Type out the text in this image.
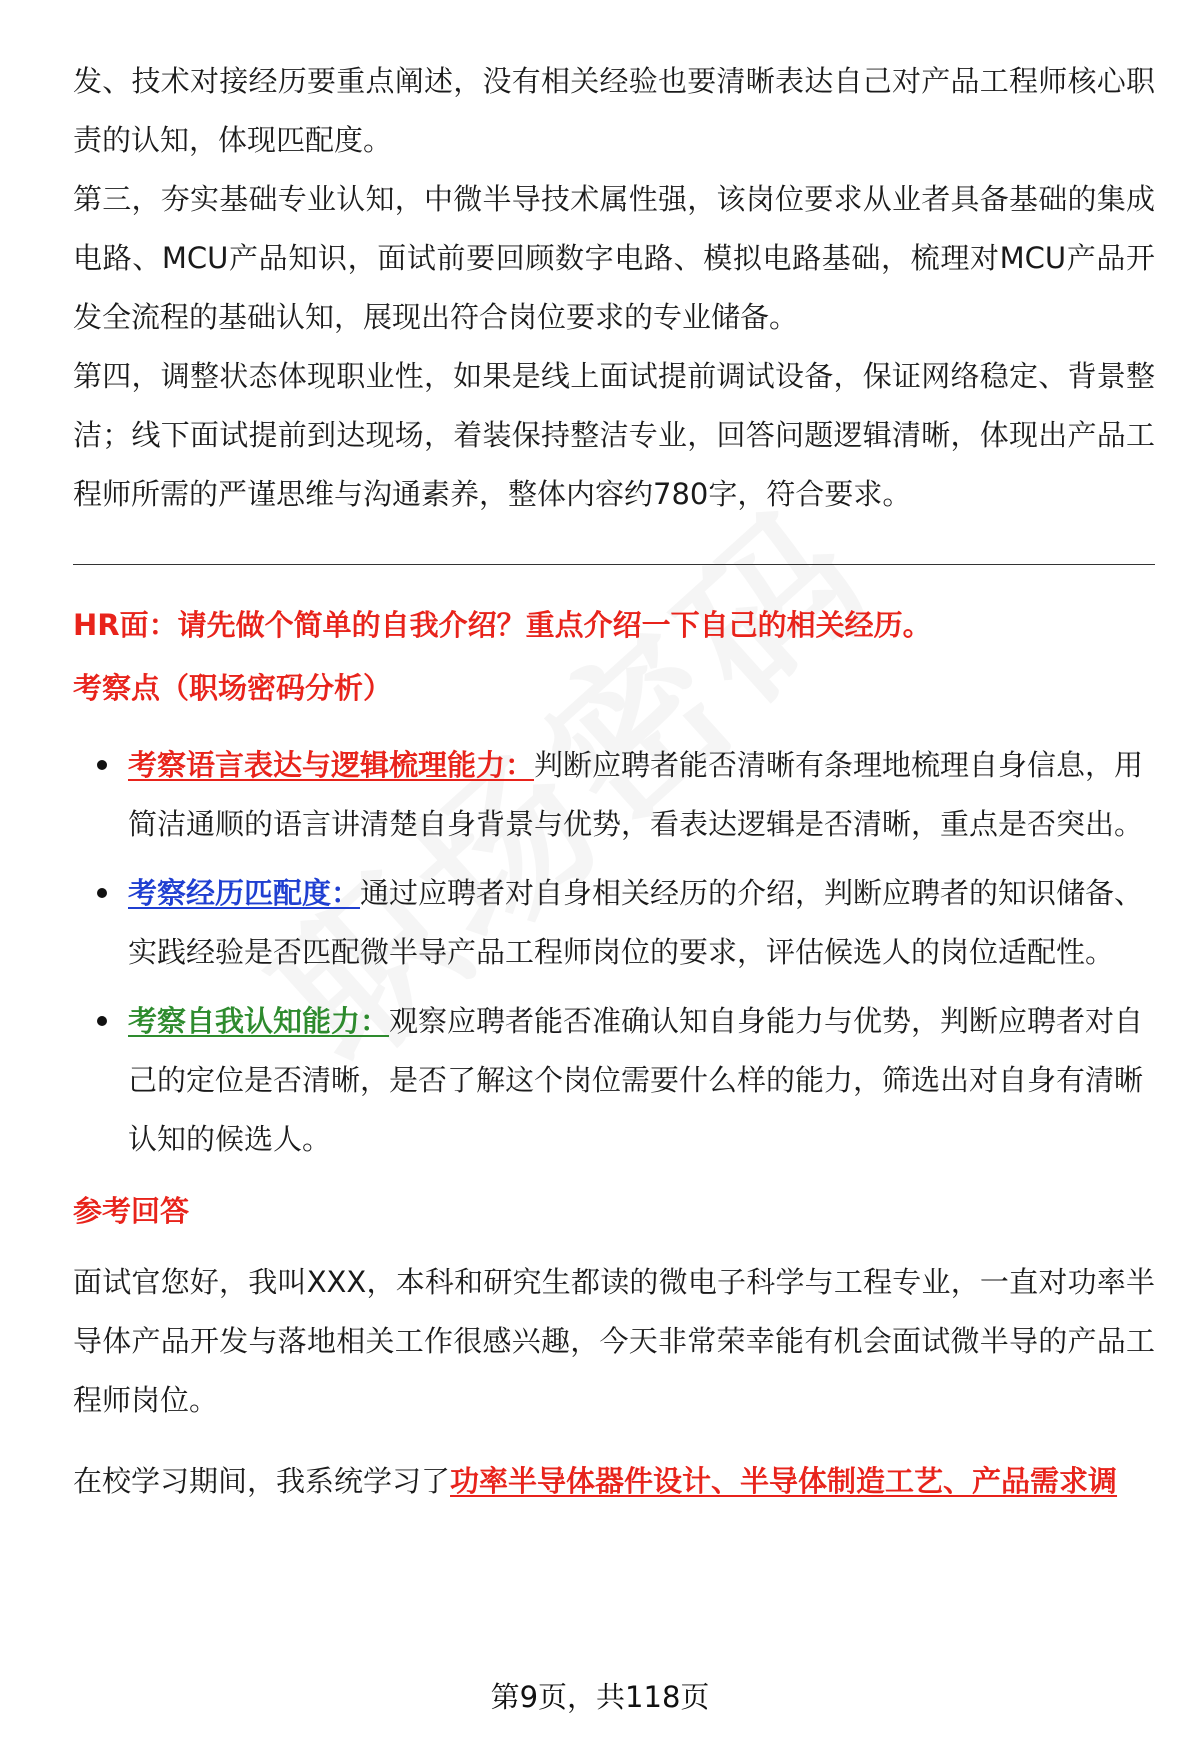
发、技术对接经历要重点阐述，没有相关经验也要清晰表达自己对产品工程师核心职责的认知，体现匹配度。

第三，夯实基础专业认知，中微半导技术属性强，该岗位要求从业者具备基础的集成电路、MCU产品知识，面试前要回顾数字电路、模拟电路基础，梳理对MCU产品开发全流程的基础认知，展现出符合岗位要求的专业储备。

第四，调整状态体现职业性，如果是线上面试提前调试设备，保证网络稳定、背景整洁；线下面试提前到达现场，着装保持整洁专业，回答问题逻辑清晰，体现出产品工程师所需的严谨思维与沟通素养，整体内容约780字，符合要求。

HR面：请先做个简单的自我介绍？重点介绍一下自己的相关经历。
考察点（职场密码分析）
考察语言表达与逻辑梳理能力：判断应聘者能否清晰有条理地梳理自身信息，用简洁通顺的语言讲清楚自身背景与优势，看表达逻辑是否清晰，重点是否突出。
考察经历匹配度：通过应聘者对自身相关经历的介绍，判断应聘者的知识储备、实践经验是否匹配微半导产品工程师岗位的要求，评估候选人的岗位适配性。
考察自我认知能力：观察应聘者能否准确认知自身能力与优势，判断应聘者对自己的定位是否清晰，是否了解这个岗位需要什么样的能力，筛选出对自身有清晰认知的候选人。
参考回答

面试官您好，我叫XXX，本科和研究生都读的微电子科学与工程专业，一直对功率半导体产品开发与落地相关工作很感兴趣，今天非常荣幸能有机会面试微半导的产品工程师岗位。

在校学习期间，我系统学习了功率半导体器件设计、半导体制造工艺、产品需求调

第9页，共118页
